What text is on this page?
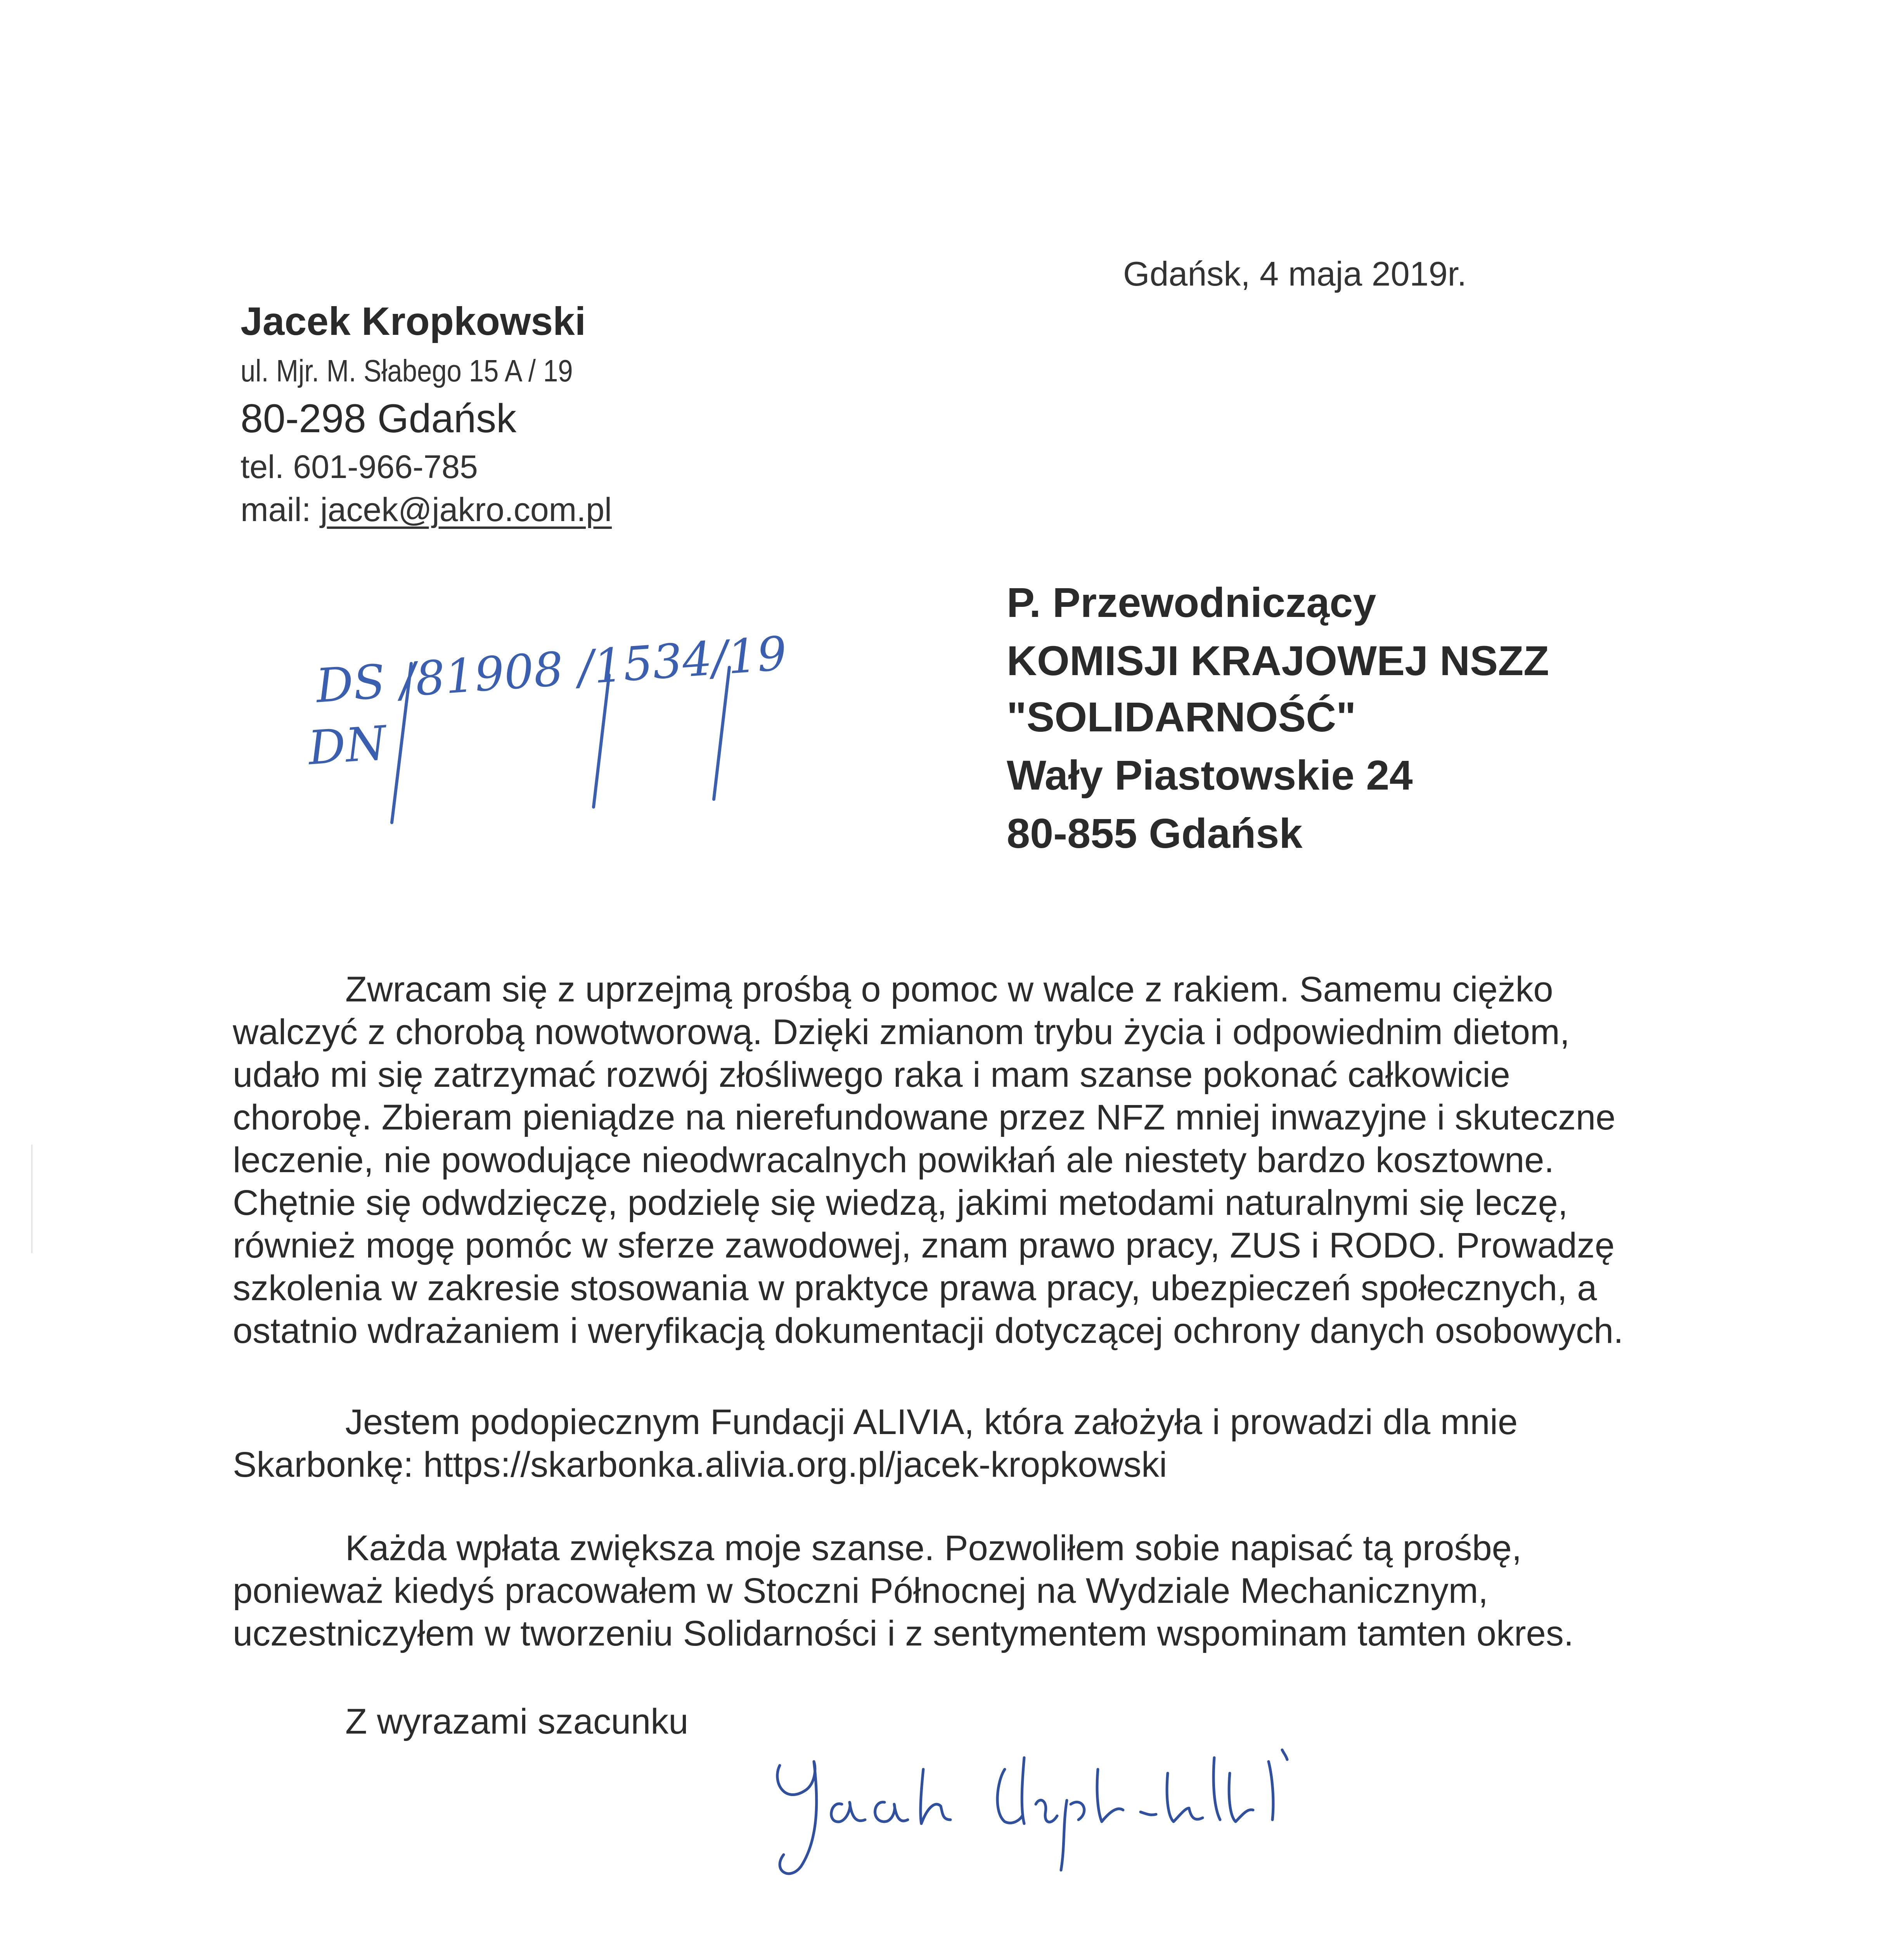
Gdańsk, 4 maja 2019r.
Jacek Kropkowski
ul. Mjr. M. Słabego 15 A / 19
80-298 Gdańsk
tel. 601-966-785
mail: jacek@jakro.com.pl
DS /81908 /1534/19
DN
P. Przewodniczący
KOMISJI KRAJOWEJ NSZZ
"SOLIDARNOŚĆ"
Wały Piastowskie 24
80-855 Gdańsk
Zwracam się z uprzejmą prośbą o pomoc w walce z rakiem. Samemu ciężko
walczyć z chorobą nowotworową. Dzięki zmianom trybu życia i odpowiednim dietom,
udało mi się zatrzymać rozwój złośliwego raka i mam szanse pokonać całkowicie
chorobę. Zbieram pieniądze na nierefundowane przez NFZ mniej inwazyjne i skuteczne
leczenie, nie powodujące nieodwracalnych powikłań ale niestety bardzo kosztowne.
Chętnie się odwdzięczę, podzielę się wiedzą, jakimi metodami naturalnymi się leczę,
również mogę pomóc w sferze zawodowej, znam prawo pracy, ZUS i RODO. Prowadzę
szkolenia w zakresie stosowania w praktyce prawa pracy, ubezpieczeń społecznych, a
ostatnio wdrażaniem i weryfikacją dokumentacji dotyczącej ochrony danych osobowych.
Jestem podopiecznym Fundacji ALIVIA, która założyła i prowadzi dla mnie
Skarbonkę: https://skarbonka.alivia.org.pl/jacek-kropkowski
Każda wpłata zwiększa moje szanse. Pozwoliłem sobie napisać tą prośbę,
ponieważ kiedyś pracowałem w Stoczni Północnej na Wydziale Mechanicznym,
uczestniczyłem w tworzeniu Solidarności i z sentymentem wspominam tamten okres.
Z wyrazami szacunku
